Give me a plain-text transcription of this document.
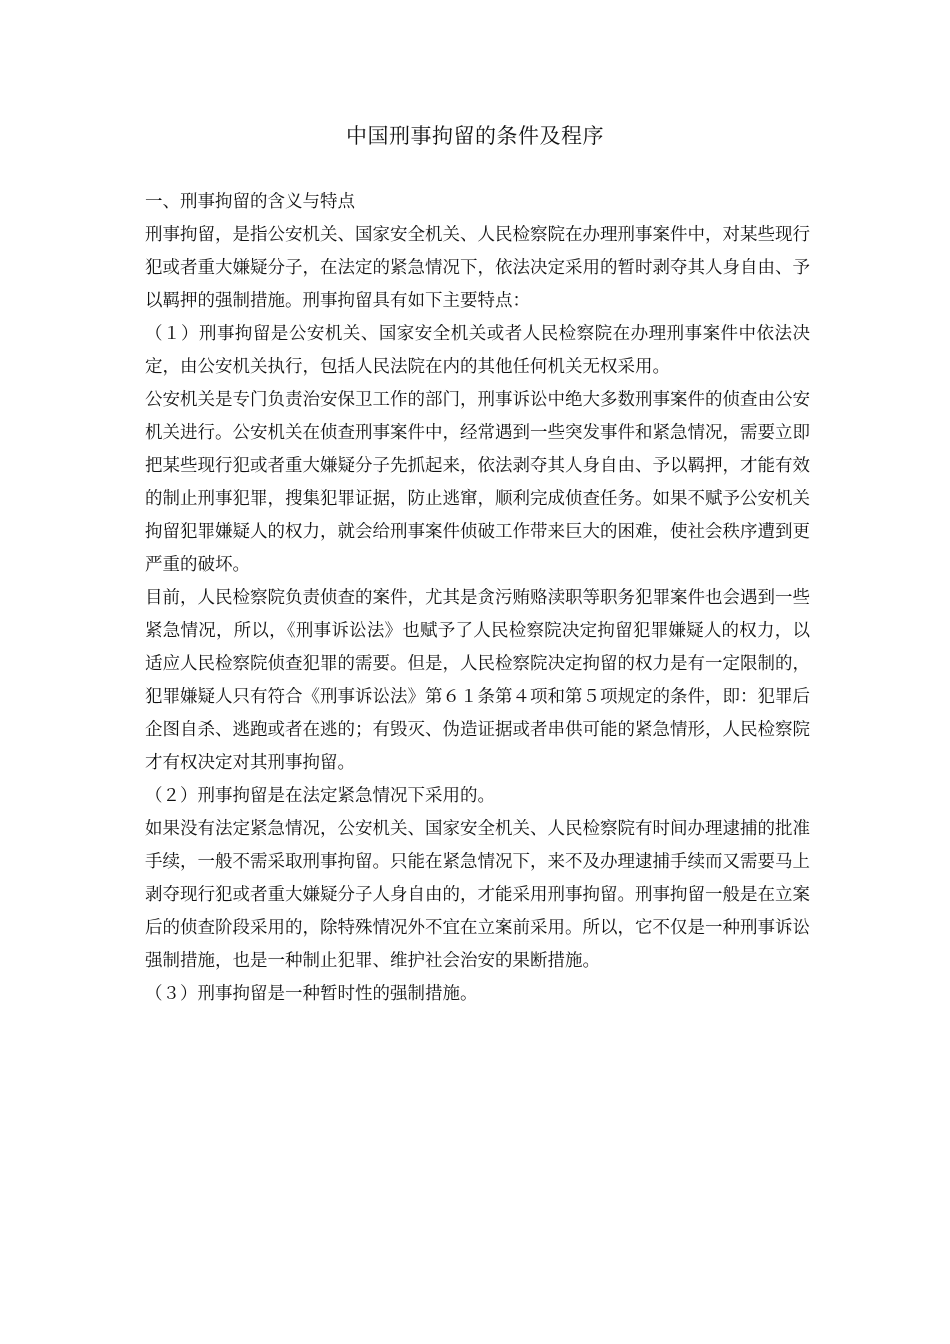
中国刑事拘留的条件及程序

一、刑事拘留的含义与特点

刑事拘留，是指公安机关、国家安全机关、人民检察院在办理刑事案件中，对某些现行犯或者重大嫌疑分子，在法定的紧急情况下，依法决定采用的暂时剥夺其人身自由、予以羁押的强制措施。刑事拘留具有如下主要特点：

（１）刑事拘留是公安机关、国家安全机关或者人民检察院在办理刑事案件中依法决定，由公安机关执行，包括人民法院在内的其他任何机关无权采用。

公安机关是专门负责治安保卫工作的部门，刑事诉讼中绝大多数刑事案件的侦查由公安机关进行。公安机关在侦查刑事案件中，经常遇到一些突发事件和紧急情况，需要立即把某些现行犯或者重大嫌疑分子先抓起来，依法剥夺其人身自由、予以羁押，才能有效的制止刑事犯罪，搜集犯罪证据，防止逃窜，顺利完成侦查任务。如果不赋予公安机关拘留犯罪嫌疑人的权力，就会给刑事案件侦破工作带来巨大的困难，使社会秩序遭到更严重的破坏。

目前，人民检察院负责侦查的案件，尤其是贪污贿赂渎职等职务犯罪案件也会遇到一些紧急情况，所以，《刑事诉讼法》也赋予了人民检察院决定拘留犯罪嫌疑人的权力，以适应人民检察院侦查犯罪的需要。但是，人民检察院决定拘留的权力是有一定限制的，犯罪嫌疑人只有符合《刑事诉讼法》第６１条第４项和第５项规定的条件，即：犯罪后企图自杀、逃跑或者在逃的；有毁灭、伪造证据或者串供可能的紧急情形，人民检察院才有权决定对其刑事拘留。

（２）刑事拘留是在法定紧急情况下采用的。

如果没有法定紧急情况，公安机关、国家安全机关、人民检察院有时间办理逮捕的批准手续，一般不需采取刑事拘留。只能在紧急情况下，来不及办理逮捕手续而又需要马上剥夺现行犯或者重大嫌疑分子人身自由的，才能采用刑事拘留。刑事拘留一般是在立案后的侦查阶段采用的，除特殊情况外不宜在立案前采用。所以，它不仅是一种刑事诉讼强制措施，也是一种制止犯罪、维护社会治安的果断措施。

（３）刑事拘留是一种暂时性的强制措施。
